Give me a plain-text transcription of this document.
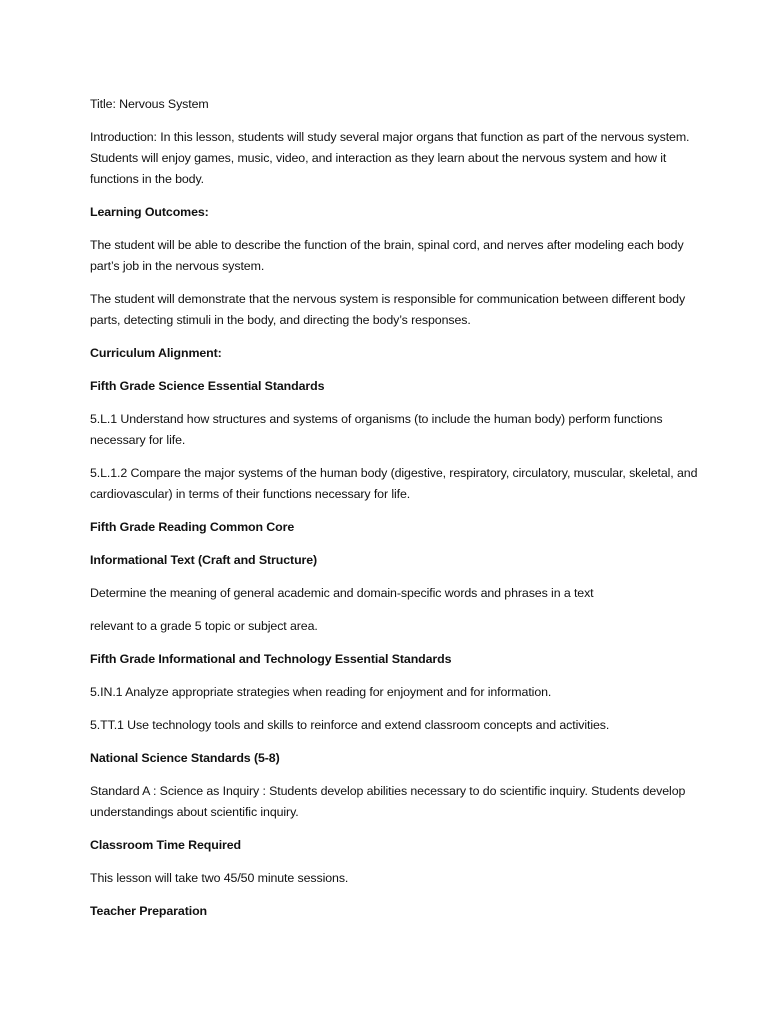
Title: Nervous System

Introduction: In this lesson, students will study several major organs that function as part of the nervous system. Students will enjoy games, music, video, and interaction as they learn about the nervous system and how it functions in the body.

Learning Outcomes:

The student will be able to describe the function of the brain, spinal cord, and nerves after modeling each body part’s job in the nervous system.

The student will demonstrate that the nervous system is responsible for communication between different body parts, detecting stimuli in the body, and directing the body’s responses.

Curriculum Alignment:

Fifth Grade Science Essential Standards

5.L.1 Understand how structures and systems of organisms (to include the human body) perform functions necessary for life.

5.L.1.2 Compare the major systems of the human body (digestive, respiratory, circulatory, muscular, skeletal, and cardiovascular) in terms of their functions necessary for life.

Fifth Grade Reading Common Core

Informational Text (Craft and Structure)

Determine the meaning of general academic and domain-specific words and phrases in a text

relevant to a grade 5 topic or subject area.

Fifth Grade Informational and Technology Essential Standards

5.IN.1 Analyze appropriate strategies when reading for enjoyment and for information.

5.TT.1 Use technology tools and skills to reinforce and extend classroom concepts and activities.

National Science Standards (5-8)

Standard A : Science as Inquiry : Students develop abilities necessary to do scientific inquiry. Students develop understandings about scientific inquiry.

Classroom Time Required

This lesson will take two 45/50 minute sessions.

Teacher Preparation
